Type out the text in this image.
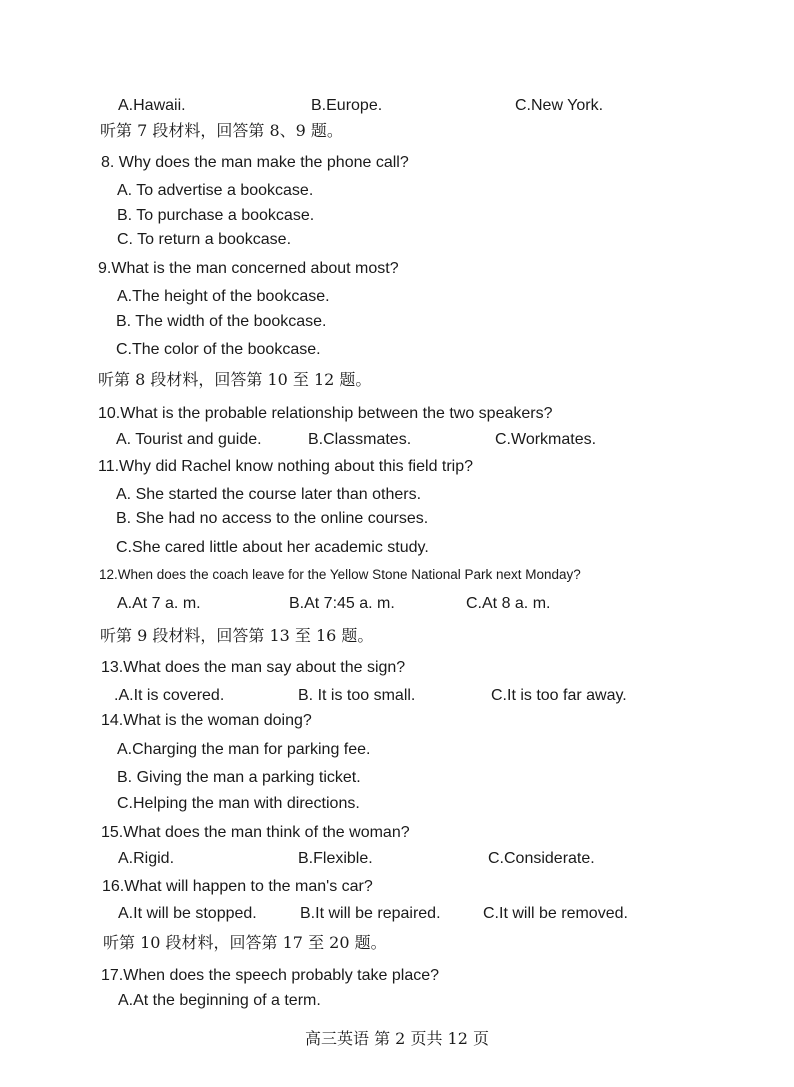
A.Hawaii.	B.Europe.	C.New York.
听第 7 段材料，回答第 8、9 题。
8. Why does the man make the phone call?
A. To advertise a bookcase.
B. To purchase a bookcase.
C. To return a bookcase.
9.What is the man concerned about most?
A.The height of the bookcase.
B. The width of the bookcase.
C.The color of the bookcase.
听第 8 段材料，回答第 10 至 12 题。
10.What is the probable relationship between the two speakers?
A. Tourist and guide.	B.Classmates.	C.Workmates.
11.Why did Rachel know nothing about this field trip?
A. She started the course later than others.
B. She had no access to the online courses.
C.She cared little about her academic study.
12.When does the coach leave for the Yellow Stone National Park next Monday?
A.At 7 a. m.	B.At 7:45 a. m.	C.At 8 a. m.
听第 9 段材料，回答第 13 至 16 题。
13.What does the man say about the sign?
.A.It is covered.	B. It is too small.	C.It is too far away.
14.What is the woman doing?
A.Charging the man for parking fee.
B. Giving the man a parking ticket.
C.Helping the man with directions.
15.What does the man think of the woman?
A.Rigid.	B.Flexible.	C.Considerate.
16.What will happen to the man's car?
A.It will be stopped.	B.It will be repaired.	C.It will be removed.
听第 10 段材料，回答第 17 至 20 题。
17.When does the speech probably take place?
A.At the beginning of a term.
高三英语 第 2 页共 12 页
